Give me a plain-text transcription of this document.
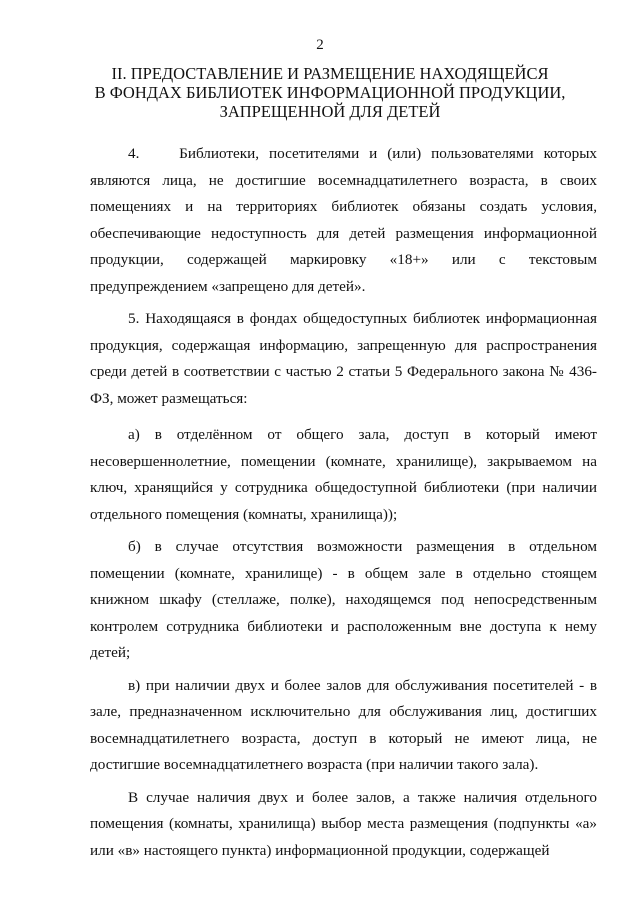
2
II. ПРЕДОСТАВЛЕНИЕ И РАЗМЕЩЕНИЕ НАХОДЯЩЕЙСЯ
В ФОНДАХ БИБЛИОТЕК ИНФОРМАЦИОННОЙ ПРОДУКЦИИ,
ЗАПРЕЩЕННОЙ ДЛЯ ДЕТЕЙ

4.    Библиотеки, посетителями и (или) пользователями которых являются лица, не достигшие восемнадцатилетнего возраста, в своих помещениях и на территориях библиотек обязаны создать условия, обеспечивающие недоступность для детей размещения информационной продукции, содержащей маркировку «18+» или с текстовым предупреждением «запрещено для детей».

5. Находящаяся в фондах общедоступных библиотек информационная продукция, содержащая информацию, запрещенную для распространения среди детей в соответствии с частью 2 статьи 5 Федерального закона № 436-ФЗ, может размещаться:

а) в отделённом от общего зала, доступ в который имеют несовершеннолетние, помещении (комнате, хранилище), закрываемом на ключ, хранящийся у сотрудника общедоступной библиотеки (при наличии отдельного помещения (комнаты, хранилища));

б) в случае отсутствия возможности размещения в отдельном помещении (комнате, хранилище) - в общем зале в отдельно стоящем книжном шкафу (стеллаже, полке), находящемся под непосредственным контролем сотрудника библиотеки и расположенным вне доступа к нему детей;

в) при наличии двух и более залов для обслуживания посетителей - в зале, предназначенном исключительно для обслуживания лиц, достигших восемнадцатилетнего возраста, доступ в который не имеют лица, не достигшие восемнадцатилетнего возраста (при наличии такого зала).

В случае наличия двух и более залов, а также наличия отдельного помещения (комнаты, хранилища) выбор места размещения (подпункты «а» или «в» настоящего пункта) информационной продукции, содержащей
